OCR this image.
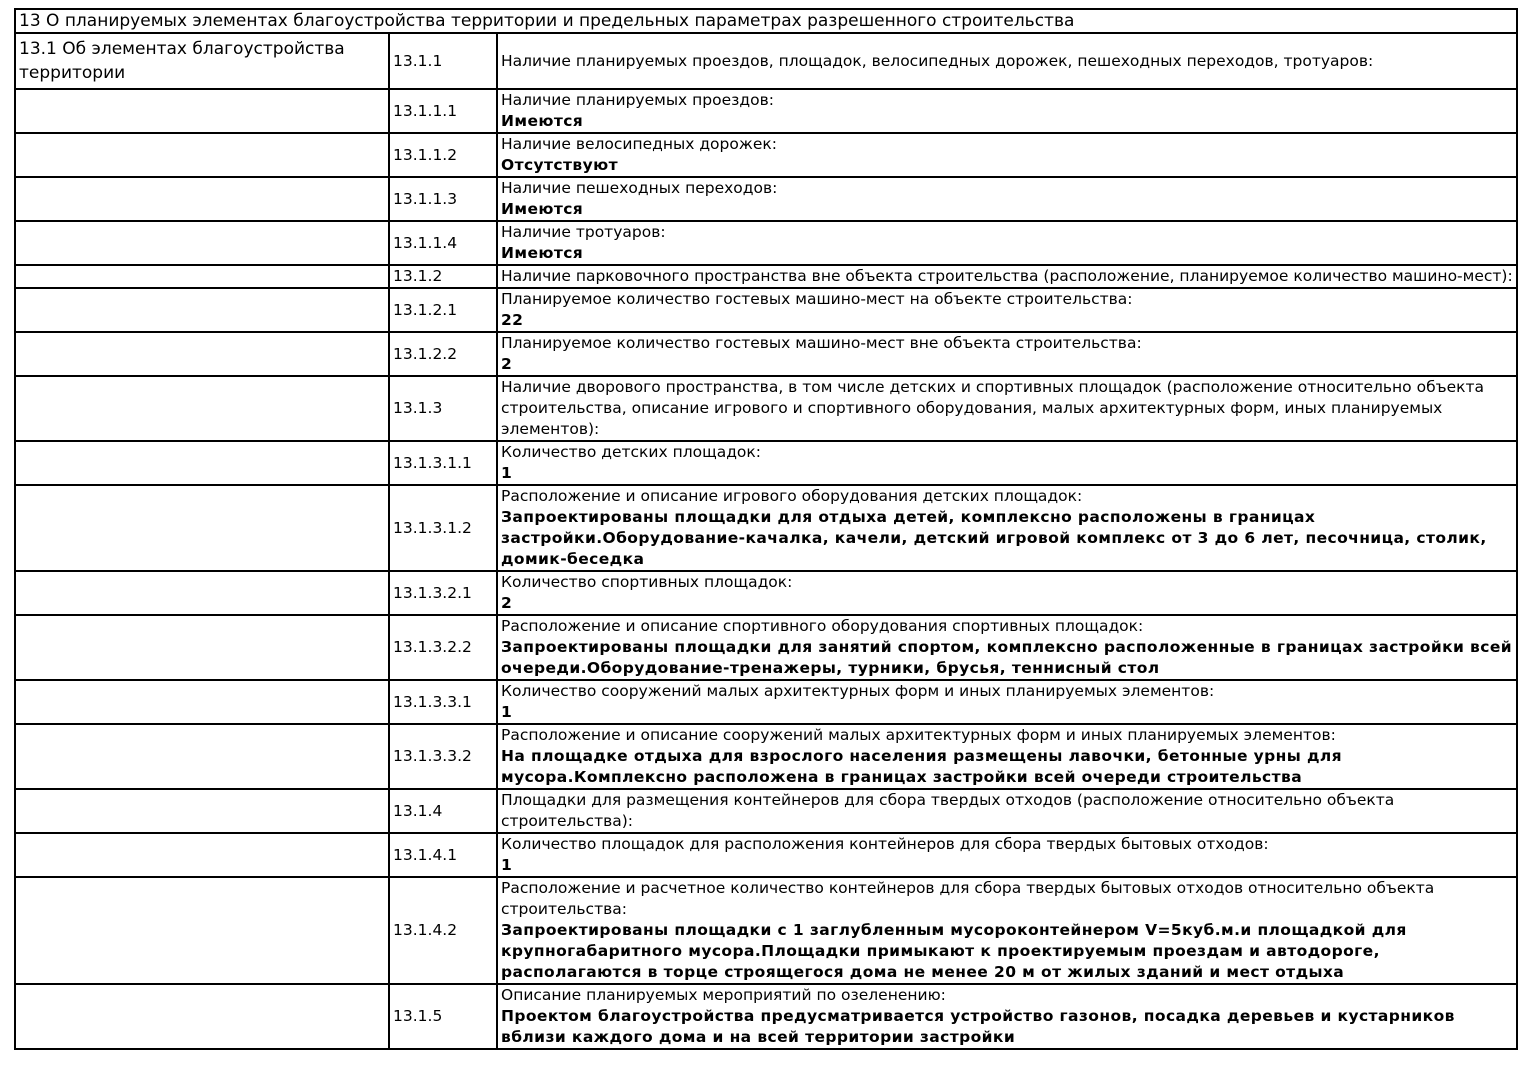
13 О планируемых элементах благоустройства территории и предельных параметрах разрешенного строительства		
13.1 Об элементах благоустройства территории	13.1.1	Наличие планируемых проездов, площадок, велосипедных дорожек, пешеходных переходов, тротуаров:

	13.1.1.1	Наличие планируемых проездов:
Имеются

	13.1.1.2	Наличие велосипедных дорожек:
Отсутствуют

	13.1.1.3	Наличие пешеходных переходов:
Имеются

	13.1.1.4	Наличие тротуаров:
Имеются

	13.1.2	Наличие парковочного пространства вне объекта строительства (расположение, планируемое количество машино-мест):

	13.1.2.1	Планируемое количество гостевых машино-мест на объекте строительства:
22

	13.1.2.2	Планируемое количество гостевых машино-мест вне объекта строительства:
2

	13.1.3	Наличие дворового пространства, в том числе детских и спортивных площадок (расположение относительно объекта строительства, описание игрового и спортивного оборудования, малых архитектурных форм, иных планируемых элементов):

	13.1.3.1.1	Количество детских площадок:
1

	13.1.3.1.2	Расположение и описание игрового оборудования детских площадок:
Запроектированы площадки для отдыха детей, комплексно расположены в границах застройки.Оборудование-качалка, качели, детский игровой комплекс от 3 до 6 лет, песочница, столик, домик-беседка

	13.1.3.2.1	Количество спортивных площадок:
2

	13.1.3.2.2	Расположение и описание спортивного оборудования спортивных площадок:
Запроектированы площадки для занятий спортом, комплексно расположенные в границах застройки всей очереди.Оборудование-тренажеры, турники, брусья, теннисный стол

	13.1.3.3.1	Количество сооружений малых архитектурных форм и иных планируемых элементов:
1

	13.1.3.3.2	Расположение и описание сооружений малых архитектурных форм и иных планируемых элементов:
На площадке отдыха для взрослого населения размещены лавочки, бетонные урны для мусора.Комплексно расположена в границах застройки всей очереди строительства

	13.1.4	Площадки для размещения контейнеров для сбора твердых отходов (расположение относительно объекта строительства):

	13.1.4.1	Количество площадок для расположения контейнеров для сбора твердых бытовых отходов:
1

	13.1.4.2	Расположение и расчетное количество контейнеров для сбора твердых бытовых отходов относительно объекта строительства:
Запроектированы площадки с 1 заглубленным мусороконтейнером V=5куб.м.и площадкой для крупногабаритного мусора.Площадки примыкают к проектируемым проездам и автодороге, располагаются в торце строящегося дома не менее 20 м от жилых зданий и мест отдыха

	13.1.5	Описание планируемых мероприятий по озеленению:
Проектом благоустройства предусматривается устройство газонов, посадка деревьев и кустарников вблизи каждого дома и на всей территории застройки
